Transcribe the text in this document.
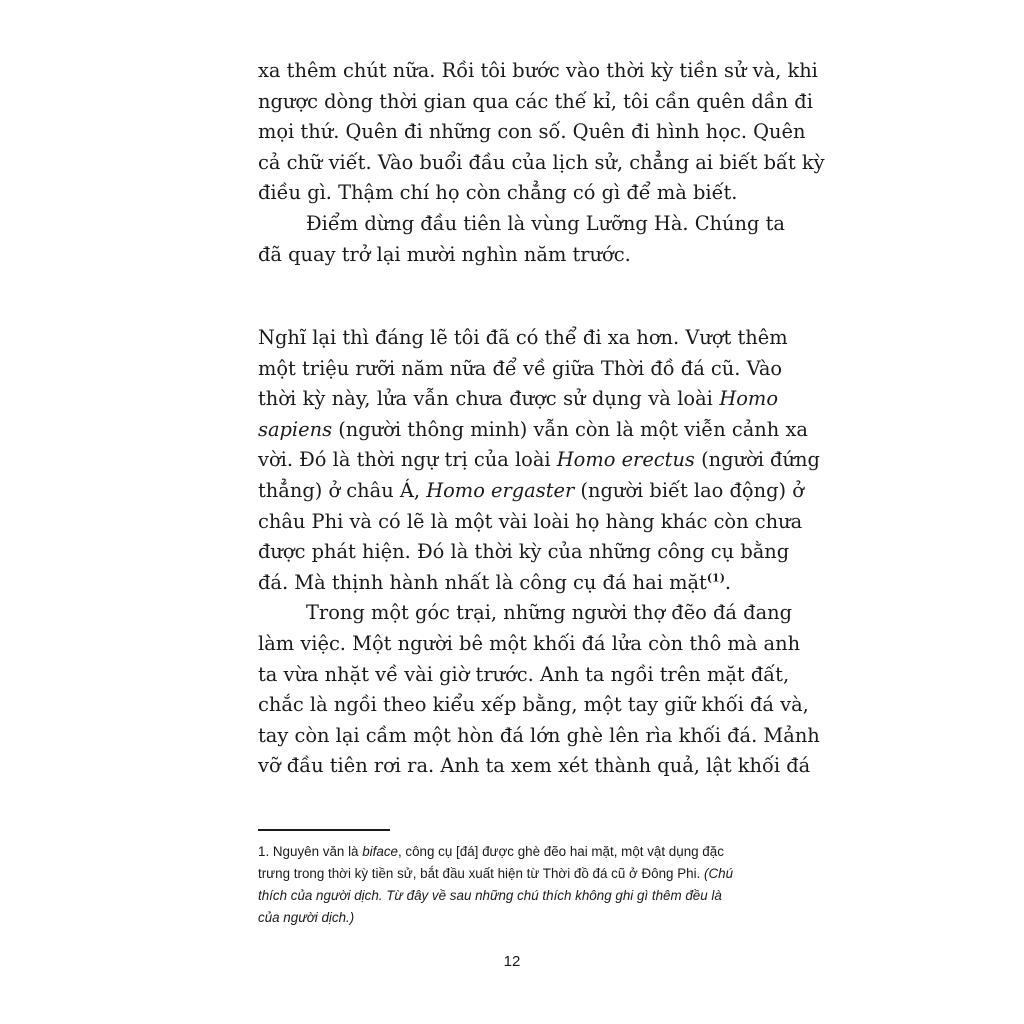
xa thêm chút nữa. Rồi tôi bước vào thời kỳ tiền sử và, khi
ngược dòng thời gian qua các thế kỉ, tôi cần quên dần đi
mọi thứ. Quên đi những con số. Quên đi hình học. Quên
cả chữ viết. Vào buổi đầu của lịch sử, chẳng ai biết bất kỳ
điều gì. Thậm chí họ còn chẳng có gì để mà biết.

Điểm dừng đầu tiên là vùng Lưỡng Hà. Chúng ta
đã quay trở lại mười nghìn năm trước.

Nghĩ lại thì đáng lẽ tôi đã có thể đi xa hơn. Vượt thêm
một triệu rưỡi năm nữa để về giữa Thời đồ đá cũ. Vào
thời kỳ này, lửa vẫn chưa được sử dụng và loài Homo
sapiens (người thông minh) vẫn còn là một viễn cảnh xa
vời. Đó là thời ngự trị của loài Homo erectus (người đứng
thẳng) ở châu Á, Homo ergaster (người biết lao động) ở
châu Phi và có lẽ là một vài loài họ hàng khác còn chưa
được phát hiện. Đó là thời kỳ của những công cụ bằng
đá. Mà thịnh hành nhất là công cụ đá hai mặt$^{(1)}$.

Trong một góc trại, những người thợ đẽo đá đang
làm việc. Một người bê một khối đá lửa còn thô mà anh
ta vừa nhặt về vài giờ trước. Anh ta ngồi trên mặt đất,
chắc là ngồi theo kiểu xếp bằng, một tay giữ khối đá và,
tay còn lại cầm một hòn đá lớn ghè lên rìa khối đá. Mảnh
vỡ đầu tiên rơi ra. Anh ta xem xét thành quả, lật khối đá

1. Nguyên văn là biface, công cụ [đá] được ghè đẽo hai mặt, một vật dụng đặc
trưng trong thời kỳ tiền sử, bắt đầu xuất hiện từ Thời đồ đá cũ ở Đông Phi. (Chú
thích của người dịch. Từ đây về sau những chú thích không ghi gì thêm đều là
của người dịch.)
12
